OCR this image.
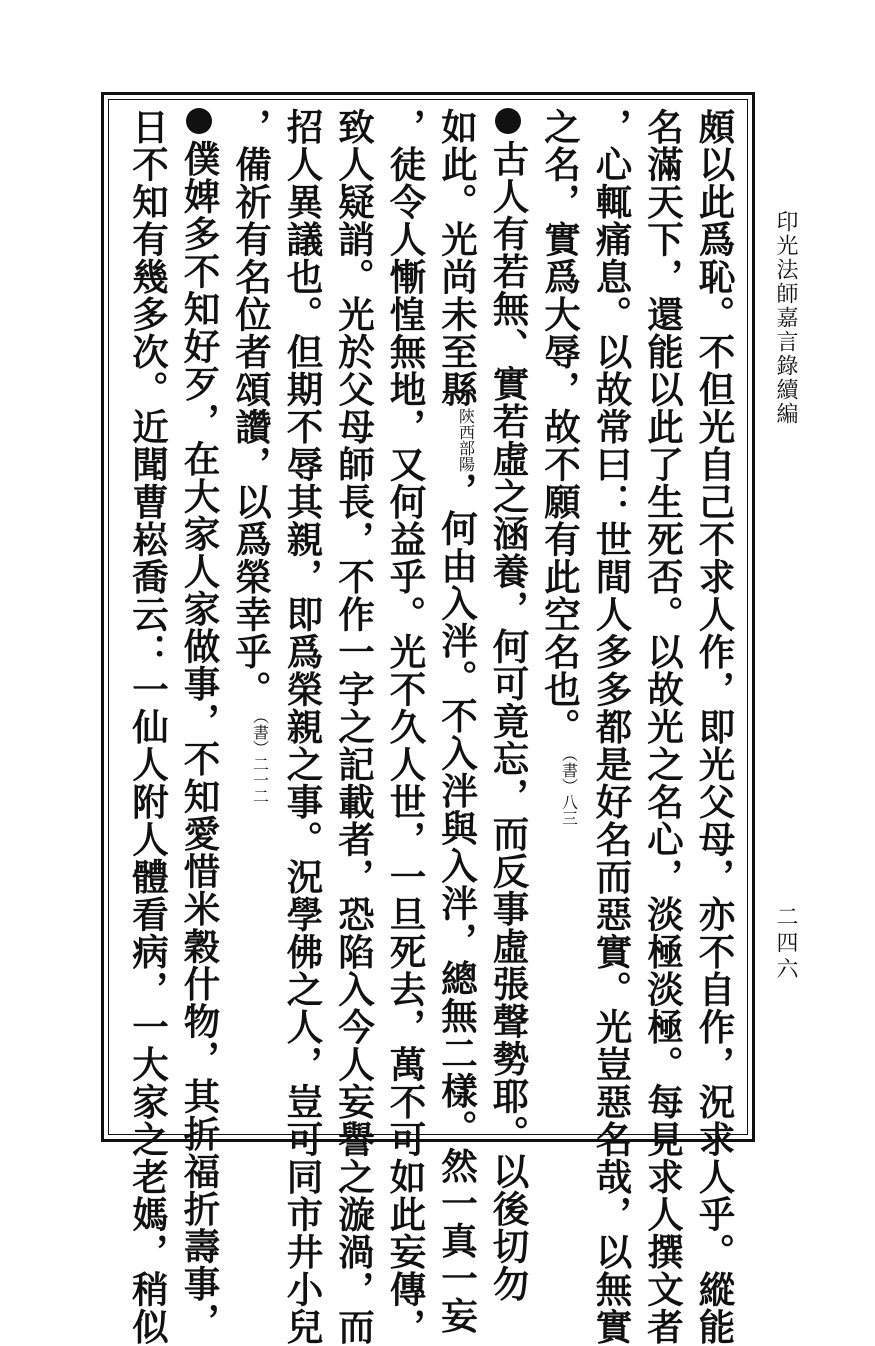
印光法師嘉言錄續編
二四六
頗以此爲恥。不但光自己不求人作，即光父母，亦不自作，況求人乎。縱能
名滿天下，還能以此了生死否。以故光之名心，淡極淡極。每見求人撰文者
，心輒痛息。以故常曰：世間人多多都是好名而惡實。光豈惡名哉，以無實
之名，實爲大辱，故不願有此空名也。（書）八三
古人有若無、實若虛之涵養，何可竟忘，而反事虛張聲勢耶。以後切勿
如此。光尚未至縣陝西部陽，何由入泮。不入泮與入泮，總無二樣。然一真一妄
，徒令人慚惶無地，又何益乎。光不久人世，一旦死去，萬不可如此妄傳，
致人疑誚。光於父母師長，不作一字之記載者，恐陷入今人妄譽之漩渦，而
招人異議也。但期不辱其親，即爲榮親之事。況學佛之人，豈可同市井小兒
，備祈有名位者頌讚，以爲榮幸乎。（書）二一二
僕婢多不知好歹，在大家人家做事，不知愛惜米穀什物，其折福折壽事，
日不知有幾多次。近聞曹崧喬云：一仙人附人體看病，一大家之老媽，稍似
